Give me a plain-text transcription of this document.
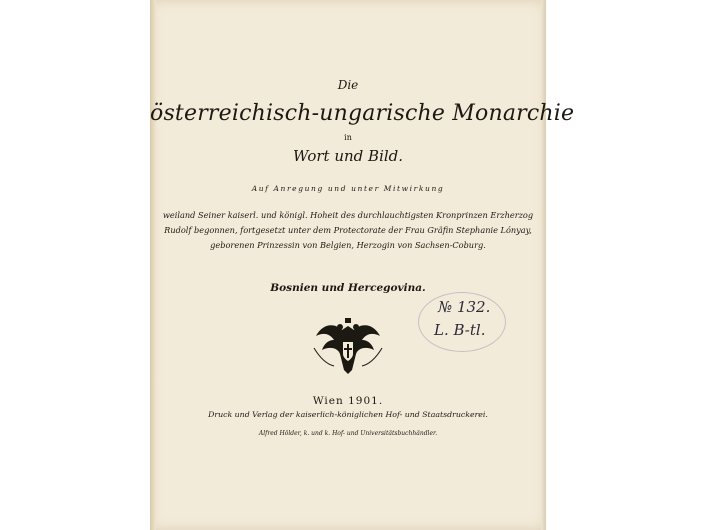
Die
österreichisch-ungarische Monarchie
in
Wort und Bild.
Auf Anregung und unter Mitwirkung
weiland Seiner kaiserl. und königl. Hoheit des durchlauchtigsten Kronprinzen Erzherzog
Rudolf begonnen, fortgesetzt unter dem Protectorate der Frau Gräfin Stephanie Lónyay,
geborenen Prinzessin von Belgien, Herzogin von Sachsen-Coburg.
Bosnien und Hercegovina.
№ 132.
L. B-tl.
Wien 1901.
Druck und Verlag der kaiserlich-königlichen Hof- und Staatsdruckerei.
Alfred Hölder, k. und k. Hof- und Universitätsbuchhändler.
